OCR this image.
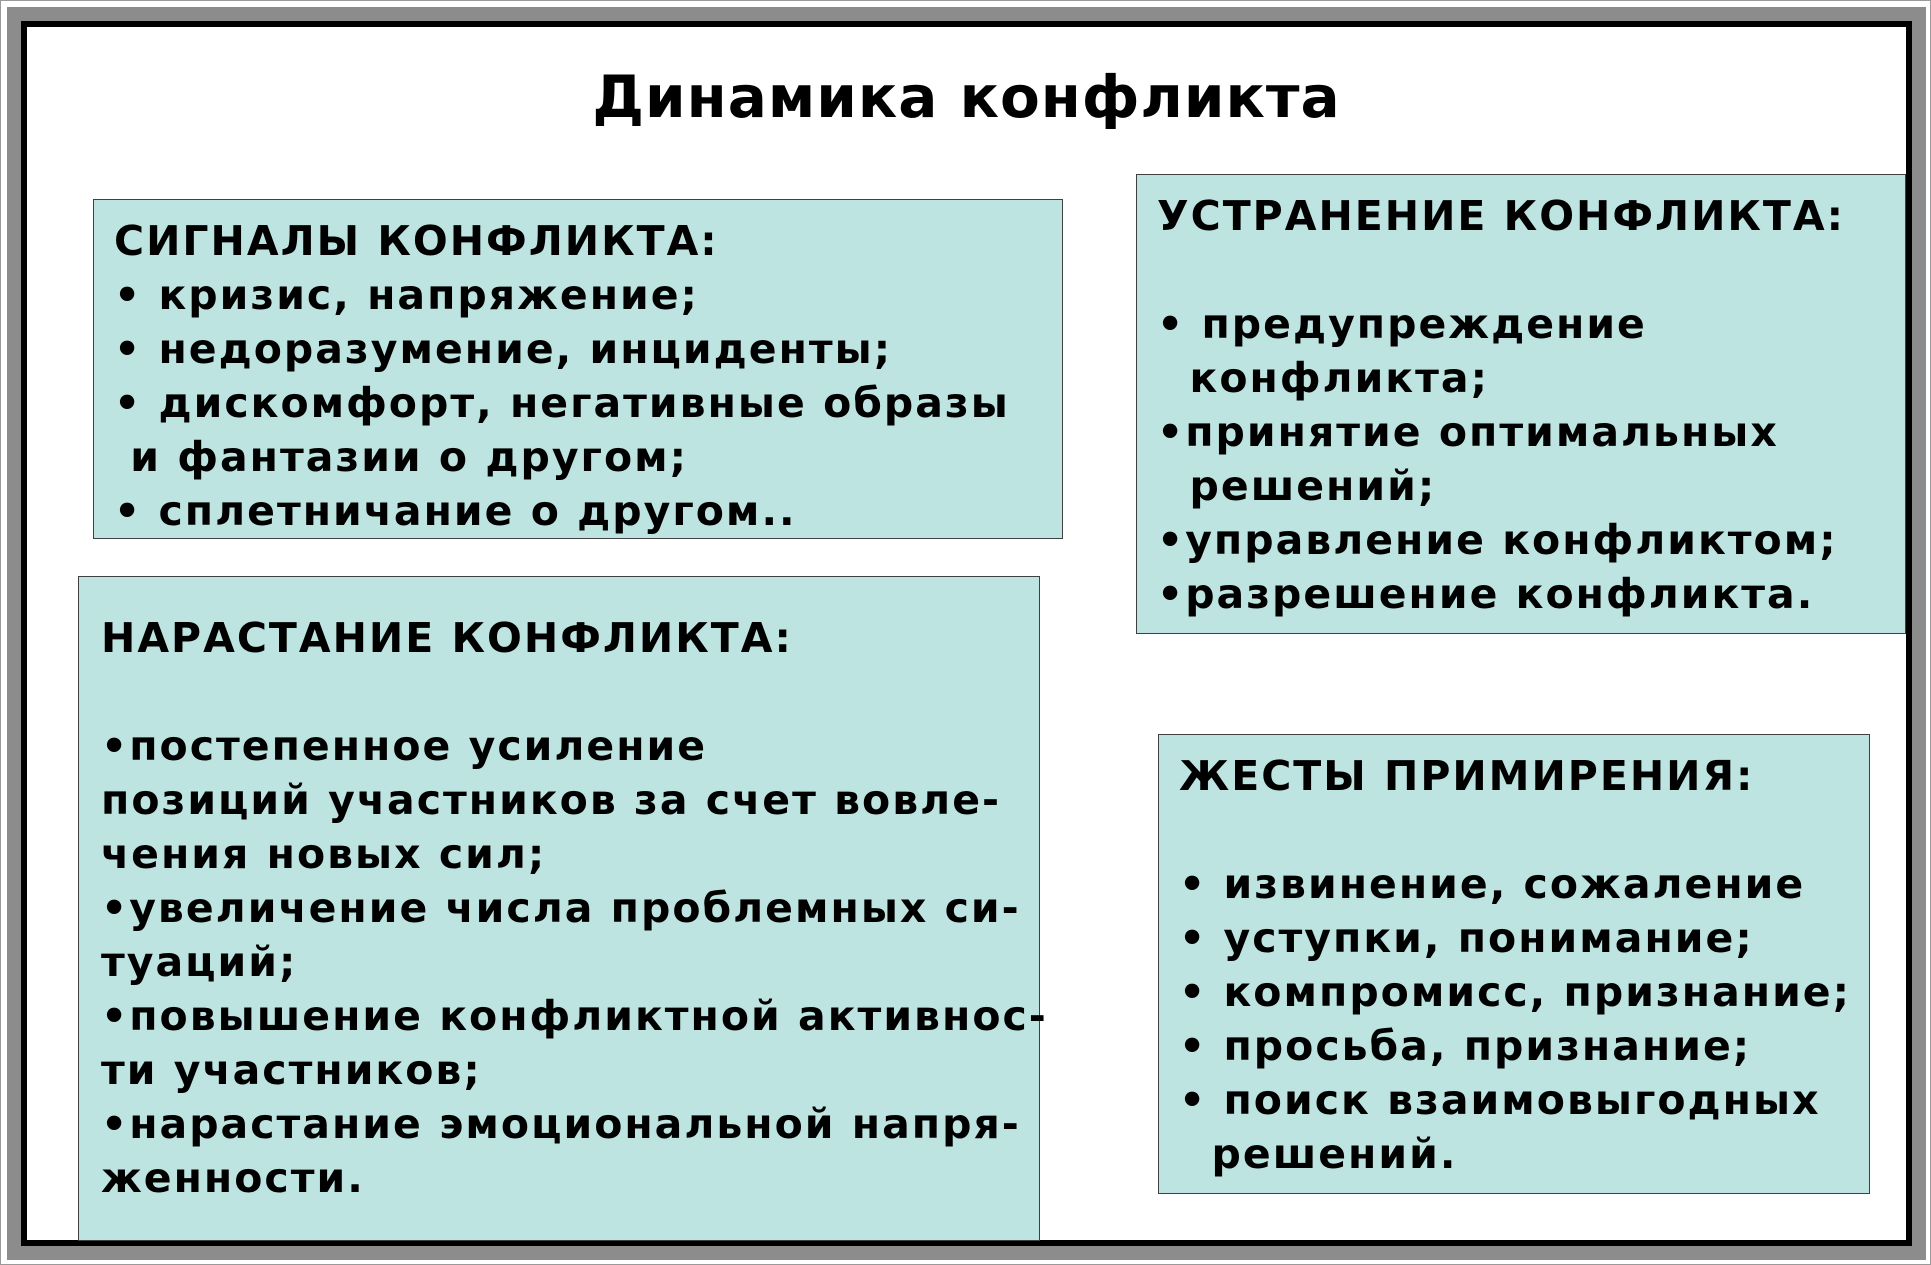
Динамика конфликта
СИГНАЛЫ КОНФЛИКТА:
• кризис, напряжение;
• недоразумение, инциденты;
• дискомфорт, негативные образы
и фантазии о другом;
• сплетничание о другом..
НАРАСТАНИЕ КОНФЛИКТА:
•постепенное усиление
позиций участников за счет вовле-
чения новых сил;
•увеличение числа проблемных си-
туаций;
•повышение конфликтной активнос-
ти участников;
•нарастание эмоциональной напря-
женности.
УСТРАНЕНИЕ КОНФЛИКТА:
• предупреждение
конфликта;
•принятие оптимальных
решений;
•управление конфликтом;
•разрешение конфликта.
ЖЕСТЫ ПРИМИРЕНИЯ:
• извинение, сожаление
• уступки, понимание;
• компромисс, признание;
• просьба, признание;
• поиск взаимовыгодных
решений.
